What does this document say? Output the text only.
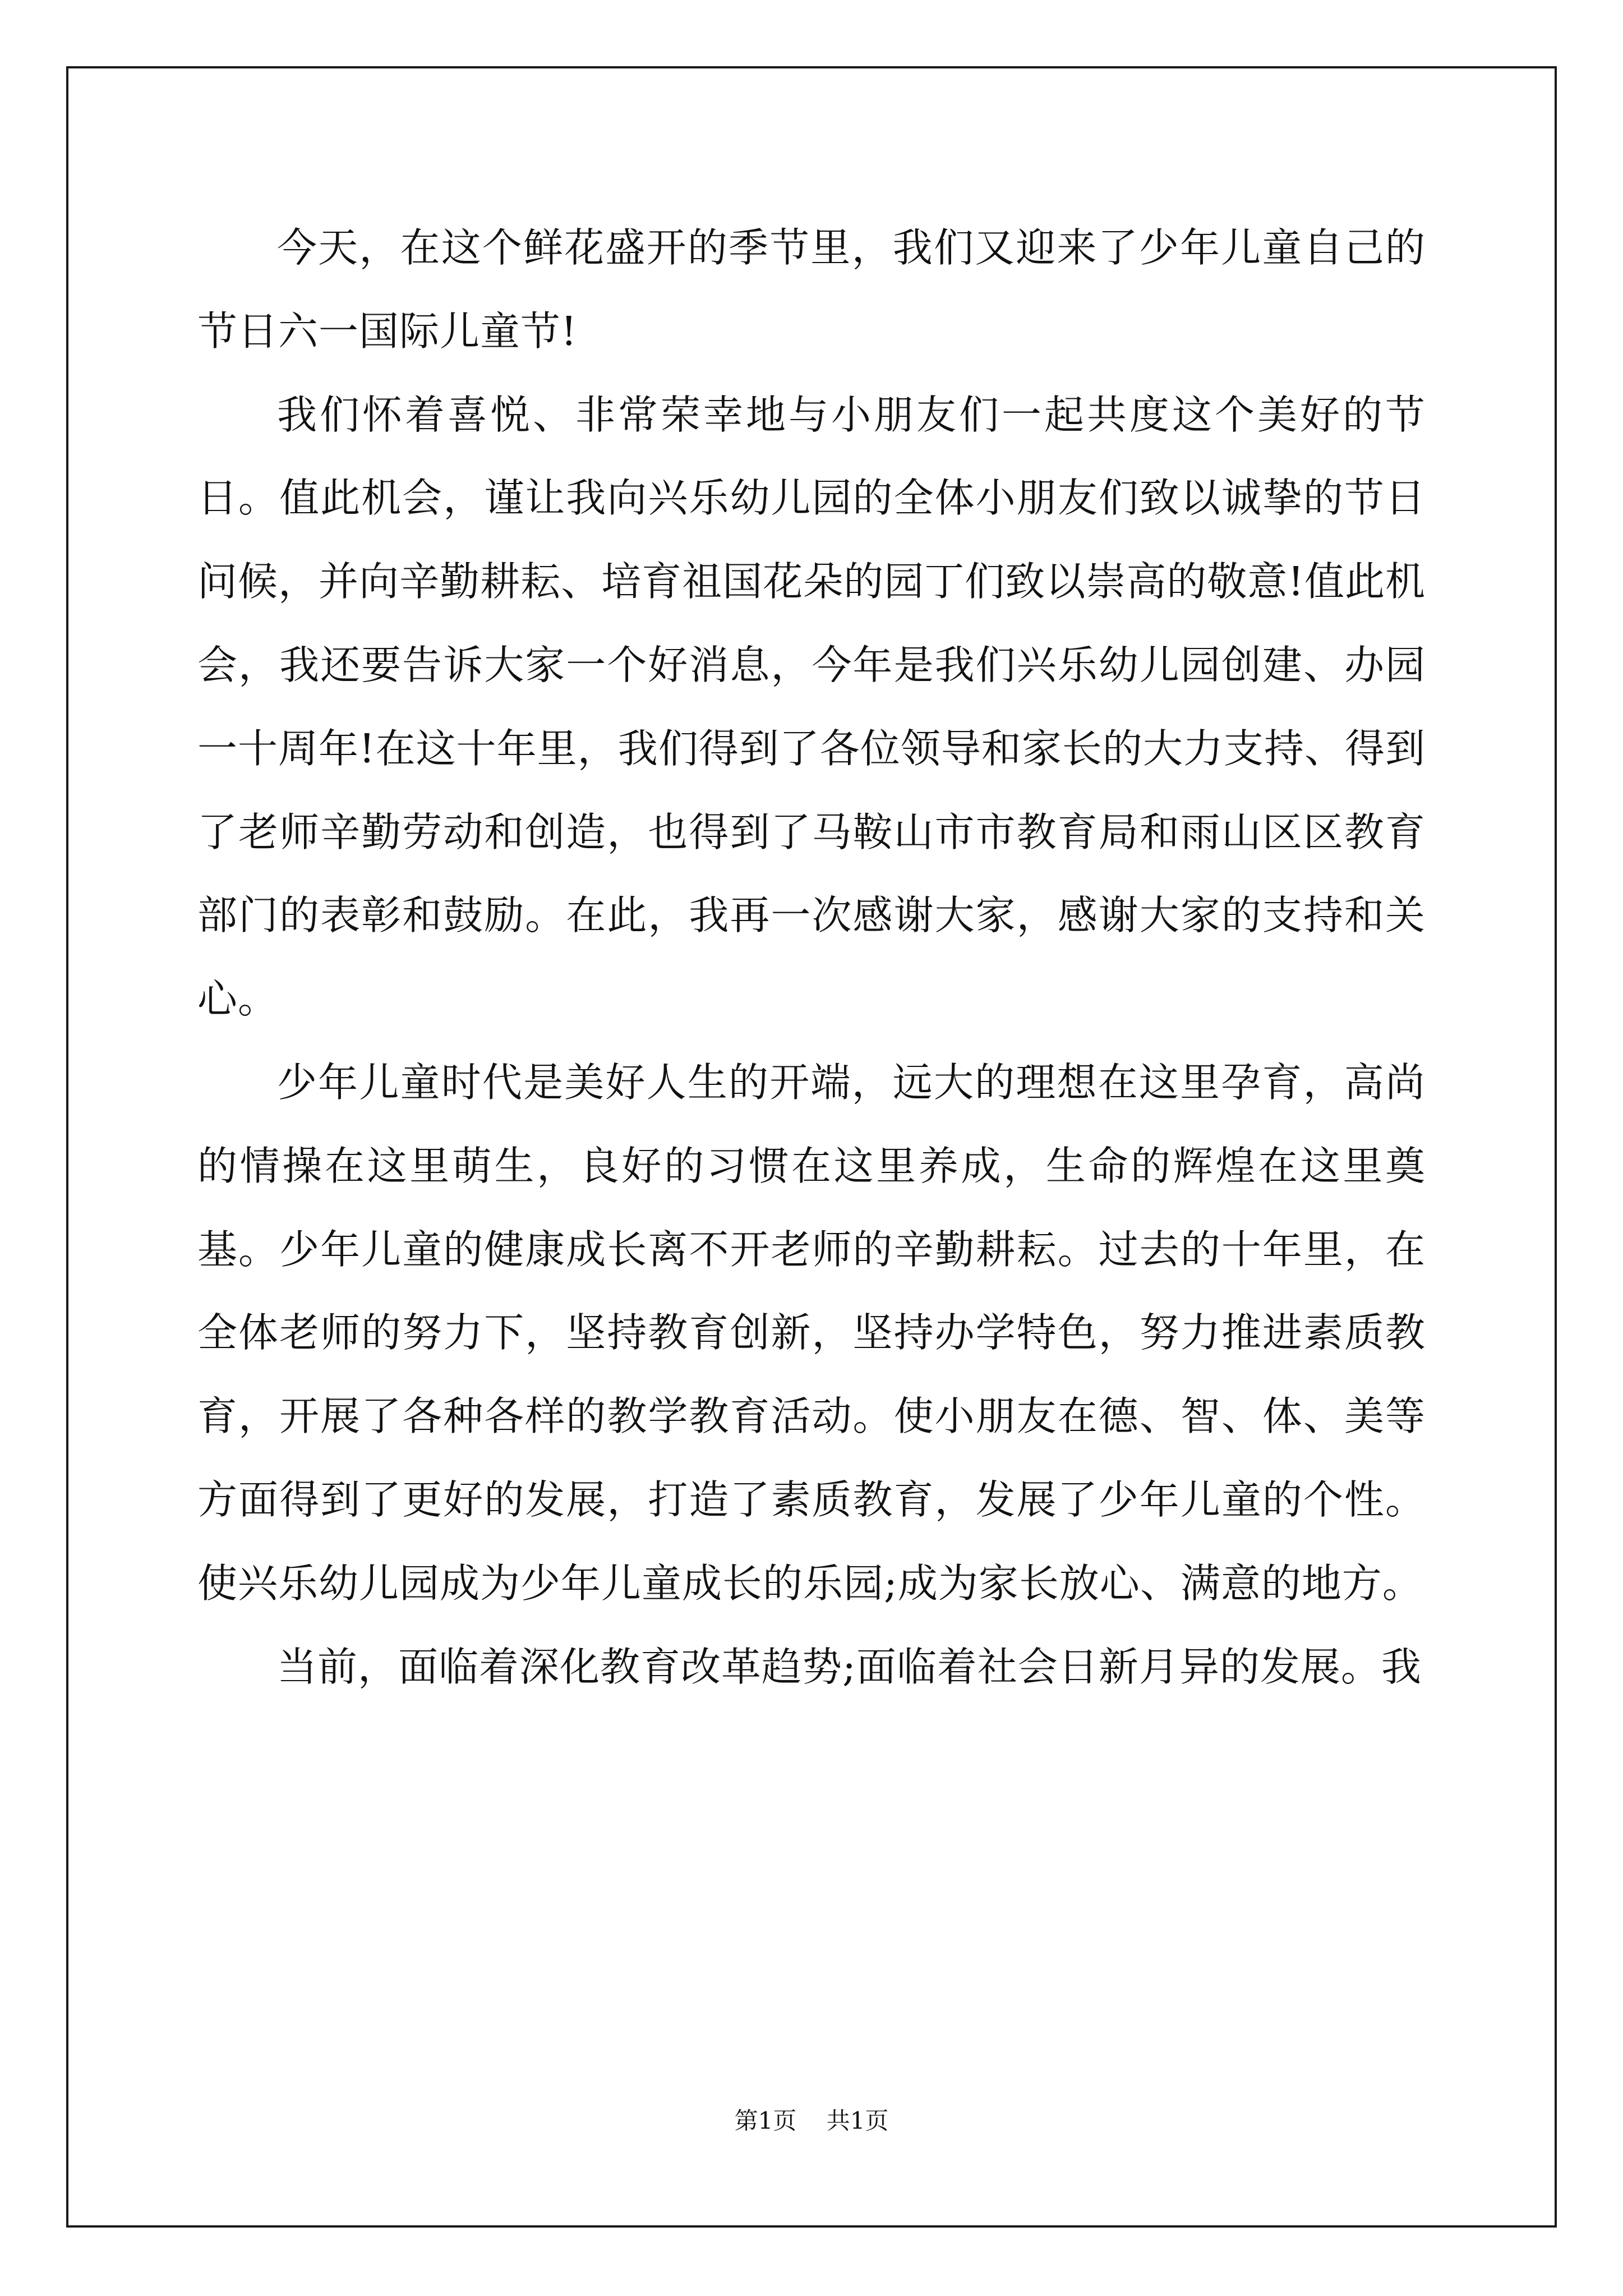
今天，在这个鲜花盛开的季节里，我们又迎来了少年儿童自己的节日六一国际儿童节!

我们怀着喜悦、非常荣幸地与小朋友们一起共度这个美好的节日。值此机会，谨让我向兴乐幼儿园的全体小朋友们致以诚挚的节日问候，并向辛勤耕耘、培育祖国花朵的园丁们致以崇高的敬意!值此机会，我还要告诉大家一个好消息，今年是我们兴乐幼儿园创建、办园一十周年!在这十年里，我们得到了各位领导和家长的大力支持、得到了老师辛勤劳动和创造，也得到了马鞍山市市教育局和雨山区区教育部门的表彰和鼓励。在此，我再一次感谢大家，感谢大家的支持和关心。

少年儿童时代是美好人生的开端，远大的理想在这里孕育，高尚的情操在这里萌生，良好的习惯在这里养成，生命的辉煌在这里奠基。少年儿童的健康成长离不开老师的辛勤耕耘。过去的十年里，在全体老师的努力下，坚持教育创新，坚持办学特色，努力推进素质教育，开展了各种各样的教学教育活动。使小朋友在德、智、体、美等方面得到了更好的发展，打造了素质教育，发展了少年儿童的个性。使兴乐幼儿园成为少年儿童成长的乐园;成为家长放心、满意的地方。

当前，面临着深化教育改革趋势;面临着社会日新月异的发展。我

第1页 共1页
